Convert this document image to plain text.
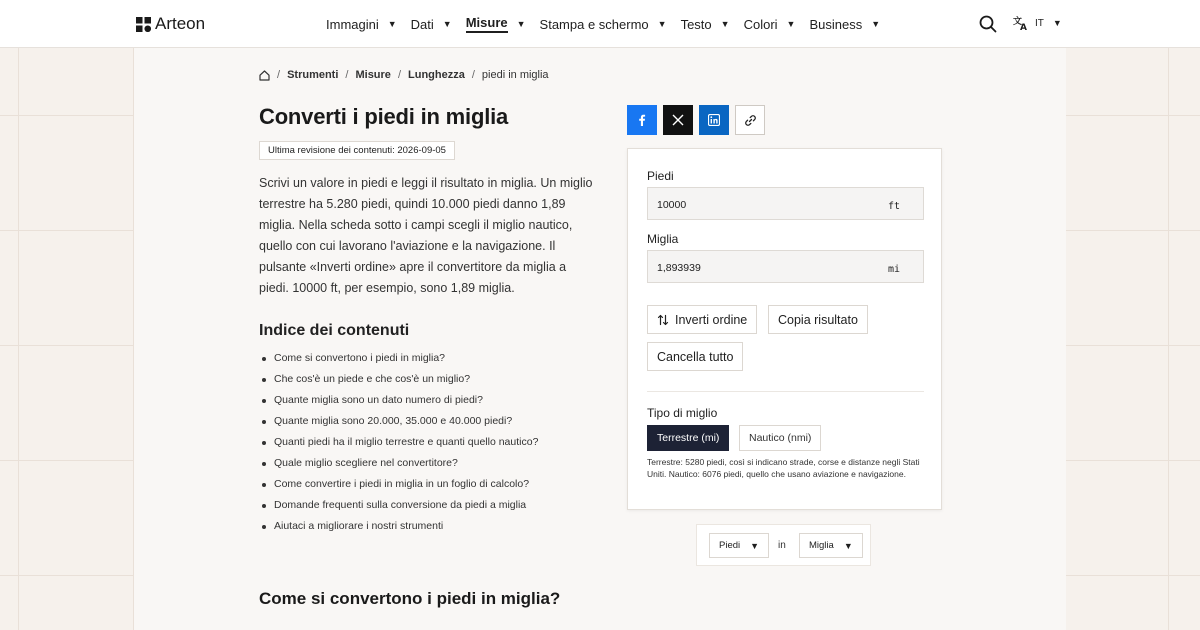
Arteon	Immagini ▼ Dati ▼ Misure ▼ Stampa e schermo ▼ Testo ▼ Colori ▼ Business ▼	文
A IT ▼
/ Strumenti / Misure / Lunghezza / piedi in miglia
Converti i piedi in miglia
Ultima revisione dei contenuti: 2026-09-05

Scrivi un valore in piedi e leggi il risultato in miglia. Un miglio terrestre ha 5.280 piedi, quindi 10.000 piedi danno 1,89 miglia. Nella scheda sotto i campi scegli il miglio nautico, quello con cui lavorano l'aviazione e la navigazione. Il pulsante «Inverti ordine» apre il convertitore da miglia a piedi. 10000 ft, per esempio, sono 1,89 miglia.

Indice dei contenuti
Come si convertono i piedi in miglia?
Che cos'è un piede e che cos'è un miglio?
Quante miglia sono un dato numero di piedi?
Quante miglia sono 20.000, 35.000 e 40.000 piedi?
Quanti piedi ha il miglio terrestre e quanti quello nautico?
Quale miglio scegliere nel convertitore?
Come convertire i piedi in miglia in un foglio di calcolo?
Domande frequenti sulla conversione da piedi a miglia
Aiutaci a migliorare i nostri strumenti
Come si convertono i piedi in miglia?
Piedi
10000	ft
Miglia
1,893939	mi
Inverti ordine Copia risultato
Cancella tutto
Tipo di miglio
Terrestre (mi)	Nautico (nmi)

Terrestre: 5280 piedi, così si indicano strade, corse e distanze negli Stati Uniti. Nautico: 6076 piedi, quello che usano aviazione e navigazione.

Piedi ▼ in Miglia ▼
